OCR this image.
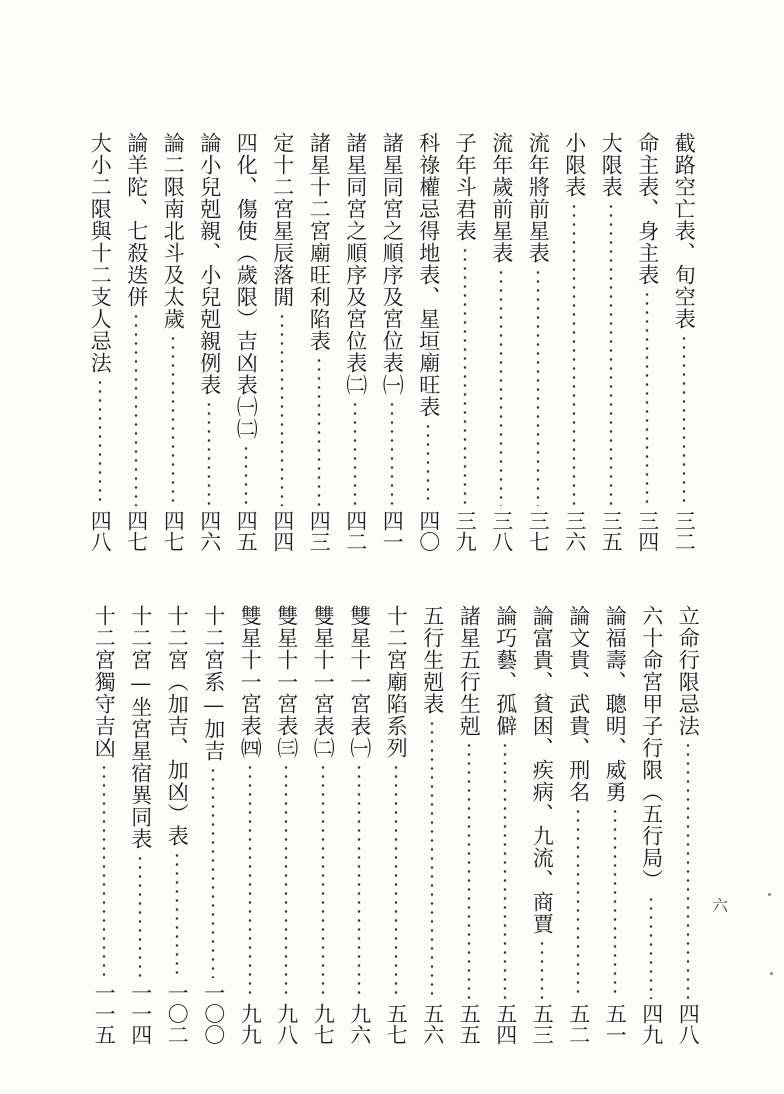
截路空亡表、旬空表
三二
命主表、身主表
三四
大限表
三五
小限表
三六
流年將前星表
三七
流年歲前星表
三八
子年斗君表
三九
科祿權忌得地表、星垣廟旺表
四〇
諸星同宮之順序及宮位表㈠
四一
諸星同宮之順序及宮位表㈡
四二
諸星十二宮廟旺利陷表
四三
定十二宮星辰落閒
四四
四化、傷使（歲限）吉凶表㈠㈡
四五
論小兒剋親、小兒剋親例表
四六
論二限南北斗及太歲
四七
論羊陀、七殺迭併
四七
大小二限與十二支人忌法
四八
立命行限忌法
四八
六十命宮甲子行限（五行局）
四九
論福壽、聰明、威勇
五一
論文貴、武貴、刑名
五二
論富貴、貧困、疾病、九流、商賈
五三
論巧藝、孤僻
五四
諸星五行生剋
五五
五行生剋表
五六
十二宮廟陷系列
五七
雙星十一宮表㈠
九六
雙星十一宮表㈡
九七
雙星十一宮表㈢
九八
雙星十一宮表㈣
九九
十二宮系—加吉
一〇〇
十二宮（加吉、加凶）表
一〇二
十二宮—坐宮星宿異同表
一一四
十二宮獨守吉凶
一一五
六
